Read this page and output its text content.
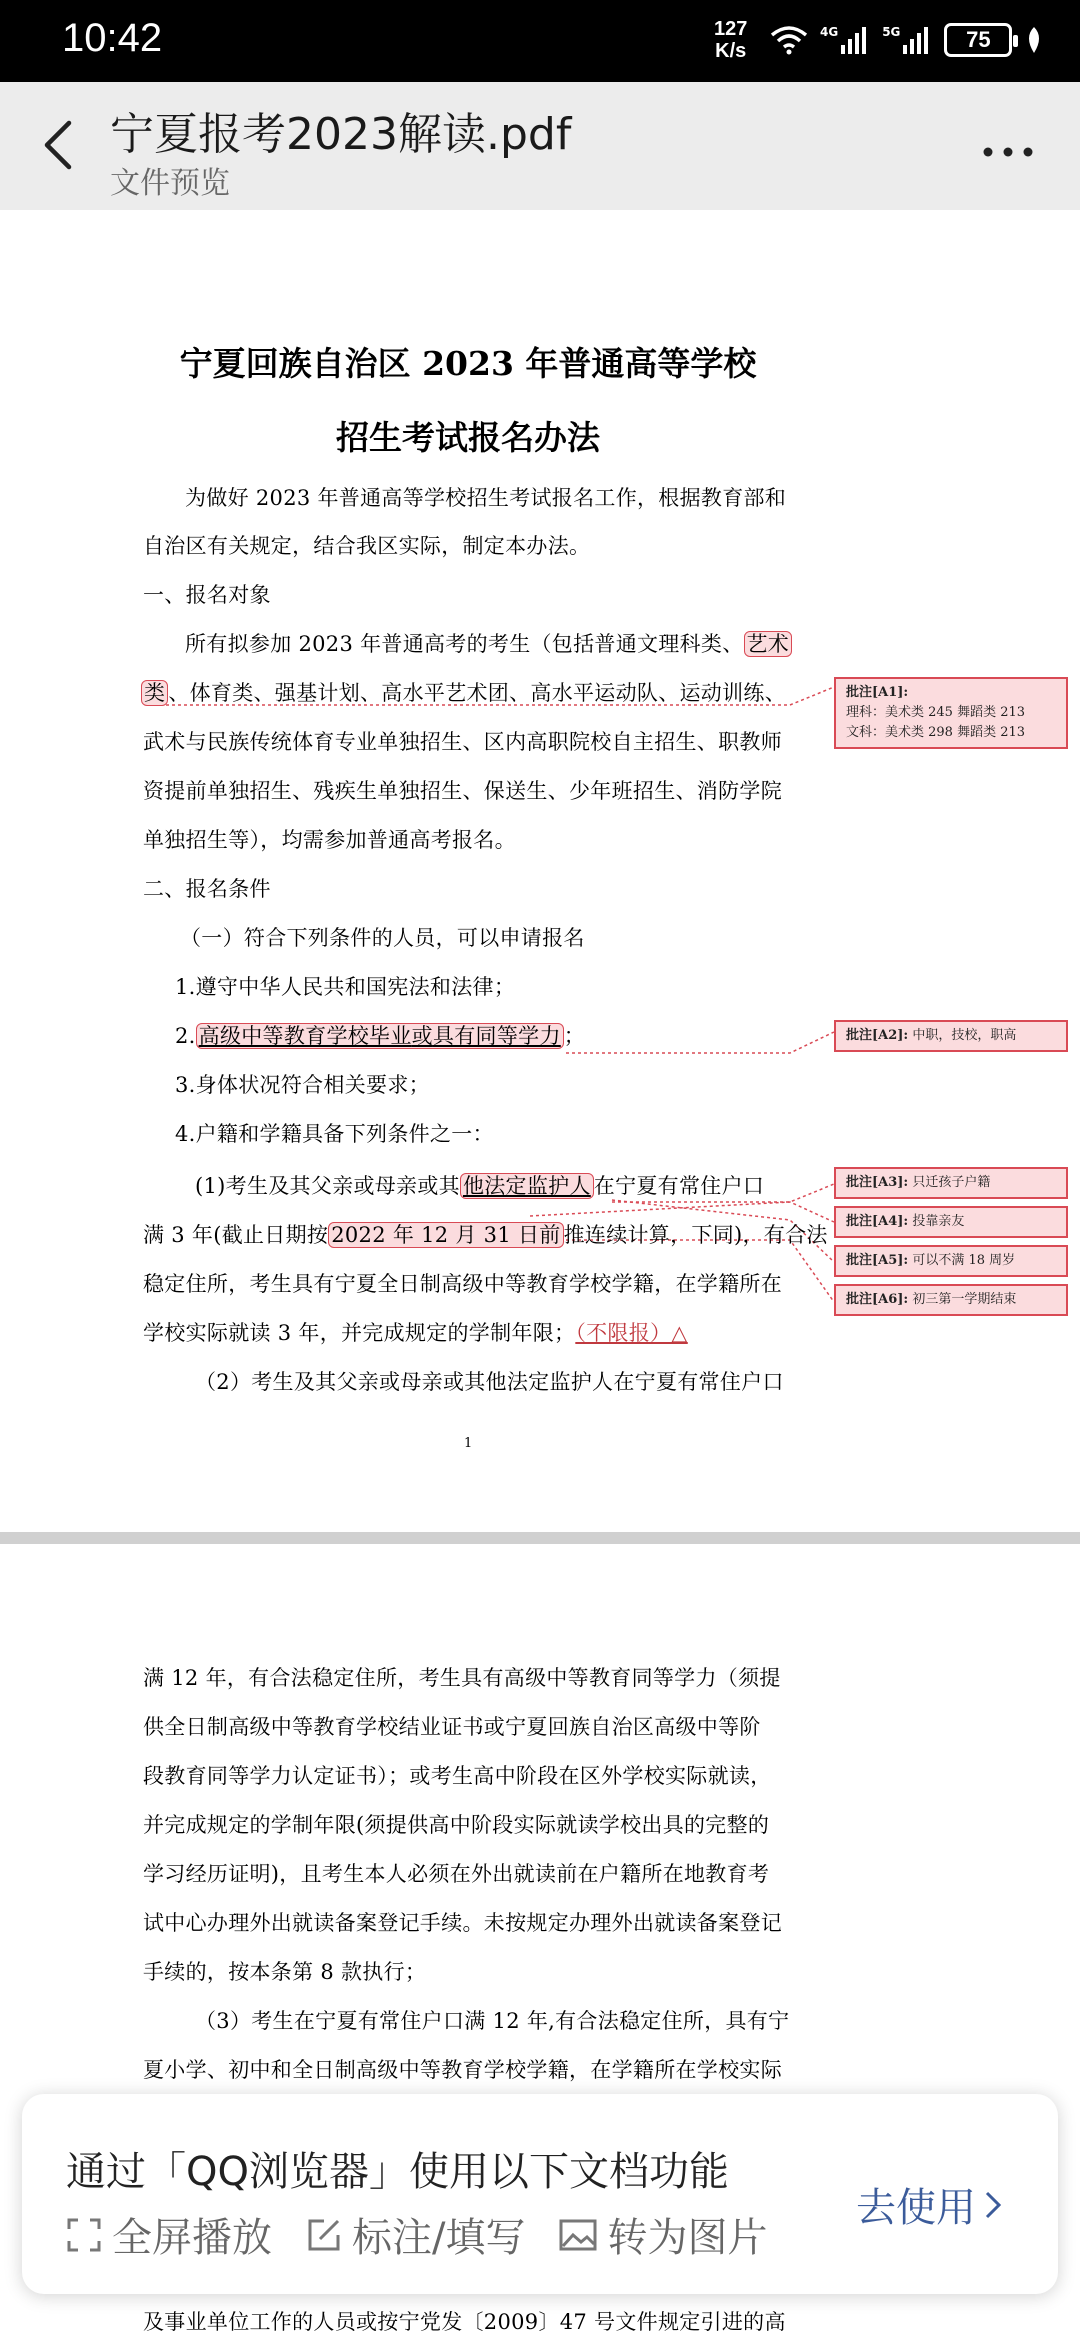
10:42	127
K/s
4G	5G	75
宁夏报考2023解读.pdf
文件预览
宁夏回族自治区 2023 年普通高等学校
招生考试报名办法
为做好 2023 年普通高等学校招生考试报名工作，根据教育部和
自治区有关规定，结合我区实际，制定本办法。
一、报名对象
所有拟参加 2023 年普通高考的考生（包括普通文理科类、 艺术
类 、体育类、强基计划、高水平艺术团、高水平运动队、运动训练、
武术与民族传统体育专业单独招生、区内高职院校自主招生、职教师
资提前单独招生、残疾生单独招生、保送生、少年班招生、消防学院
单独招生等），均需参加普通高考报名。
二、报名条件
（一）符合下列条件的人员，可以申请报名
1.遵守中华人民共和国宪法和法律；
2. 高级中等教育学校毕业或具有同等学力 ；
3.身体状况符合相关要求；
4.户籍和学籍具备下列条件之一：
(1)考生及其父亲或母亲或其 他法定监护人 在宁夏有常住户口
满 3 年(截止日期按 2022 年 12 月 31 日前 推连续计算，下同)，有合法
稳定住所，考生具有宁夏全日制高级中等教育学校学籍，在学籍所在
学校实际就读 3 年，并完成规定的学制年限；（不限报）△
（2）考生及其父亲或母亲或其他法定监护人在宁夏有常住户口
1
批注[A1]:
理科：美术类 245 舞蹈类 213
文科：美术类 298 舞蹈类 213
批注[A2]: 中职，技校，职高
批注[A3]: 只迁孩子户籍
批注[A4]: 投靠亲友
批注[A5]: 可以不满 18 周岁
批注[A6]: 初三第一学期结束
满 12 年，有合法稳定住所，考生具有高级中等教育同等学力（须提
供全日制高级中等教育学校结业证书或宁夏回族自治区高级中等阶
段教育同等学力认定证书）；或考生高中阶段在区外学校实际就读，
并完成规定的学制年限(须提供高中阶段实际就读学校出具的完整的
学习经历证明)，且考生本人必须在外出就读前在户籍所在地教育考
试中心办理外出就读备案登记手续。未按规定办理外出就读备案登记
手续的，按本条第 8 款执行；
（3）考生在宁夏有常住户口满 12 年,有合法稳定住所，具有宁
夏小学、初中和全日制高级中等教育学校学籍，在学籍所在学校实际
及事业单位工作的人员或按宁党发〔2009〕47 号文件规定引进的高
通过「QQ浏览器」使用以下文档功能
全屏播放 标注/填写 转为图片
去使用
